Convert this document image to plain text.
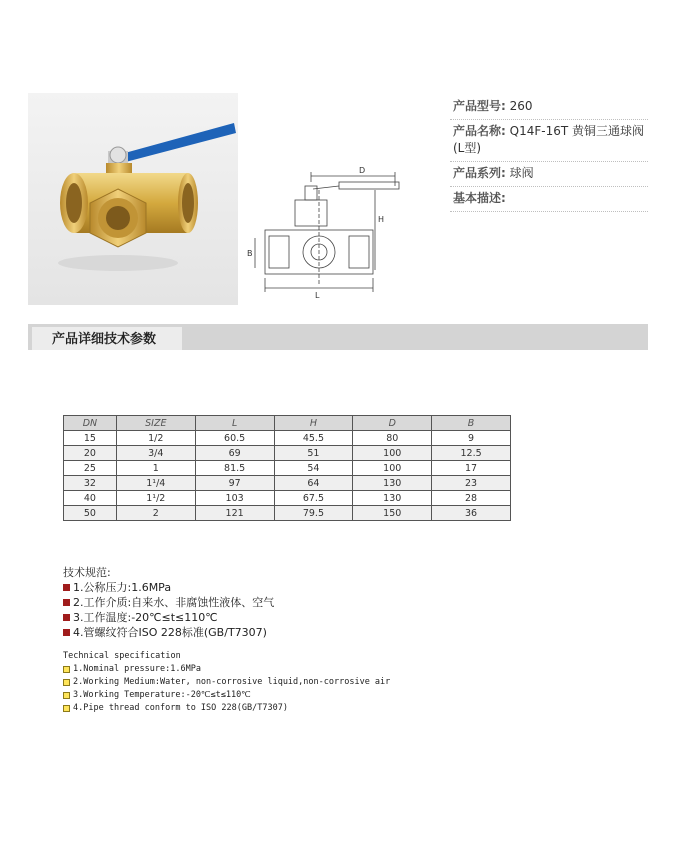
D
H
B
L
产品型号: 260
产品名称: Q14F-16T 黄铜三通球阀(L型)
产品系列: 球阀
基本描述:
产品详细技术参数
DN	SIZE	L	H	D	B
15	1/2	60.5	45.5	80	9
20	3/4	69	51	100	12.5
25	1	81.5	54	100	17
32	1¹/4	97	64	130	23
40	1¹/2	103	67.5	130	28
50	2	121	79.5	150	36
技术规范:
1.公称压力:1.6MPa
2.工作介质:自来水、非腐蚀性液体、空气
3.工作温度:-20℃≤t≤110℃
4.管螺纹符合ISO 228标准(GB/T7307)
Technical specification
1.Nominal pressure:1.6MPa
2.Working Medium:Water, non-corrosive liquid,non-corrosive air
3.Working Temperature:-20℃≤t≤110℃
4.Pipe thread conform to ISO 228(GB/T7307)
